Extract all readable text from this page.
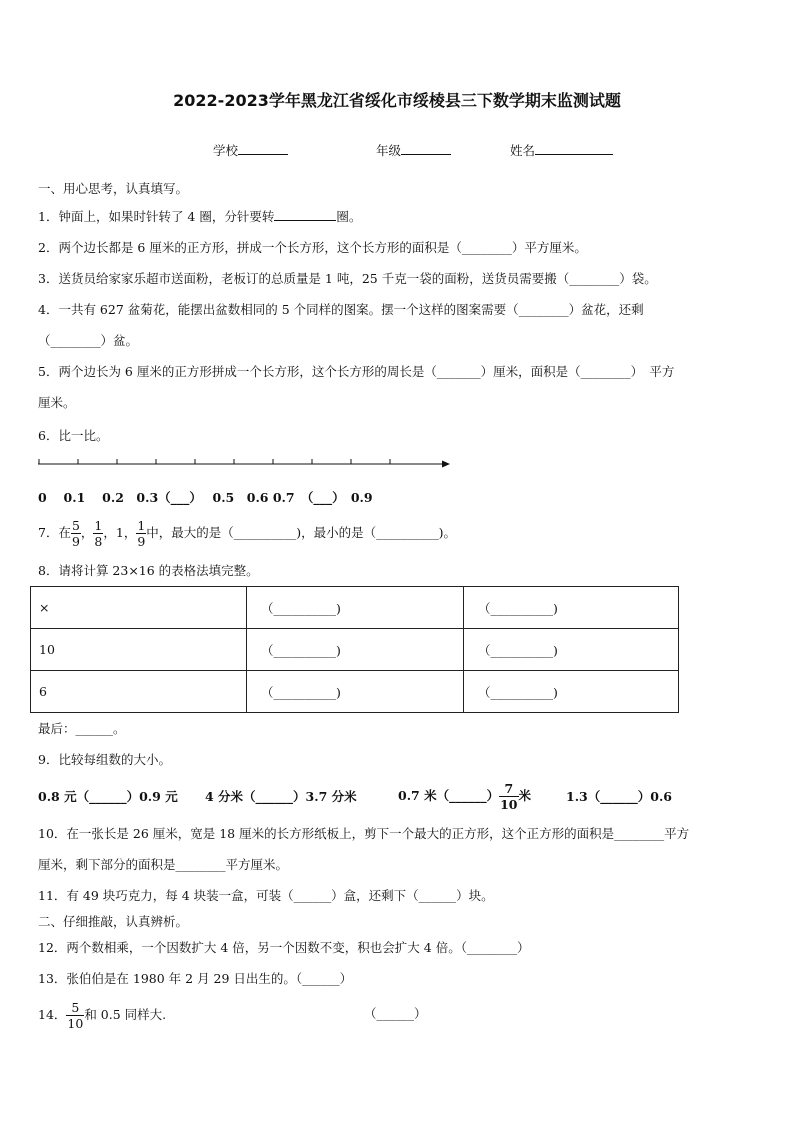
2022-2023学年黑龙江省绥化市绥棱县三下数学期末监测试题
学校	年级	姓名
一、用心思考，认真填写。
1．钟面上，如果时针转了 4 圈，分针要转	圈。
2．两个边长都是 6 厘米的正方形，拼成一个长方形，这个长方形的面积是（________）平方厘米。
3．送货员给家家乐超市送面粉，老板订的总质量是 1 吨，25 千克一袋的面粉，送货员需要搬（________）袋。
4．一共有 627 盆菊花，能摆出盆数相同的 5 个同样的图案。摆一个这样的图案需要（________）盆花，还剩
（________）盆。
5．两个边长为 6 厘米的正方形拼成一个长方形，这个长方形的周长是（_______）厘米，面积是（________）　平方
厘米。
6．比一比。
0　 0.1　 0.2　0.3（___）　 0.5　0.6 0.7　（___）　0.9
7．在 $\frac{5}{9}$ ， $\frac{1}{8}$ ，1， $\frac{1}{9}$ 中，最大的是（__________)，最小的是（__________)。
8．请将计算 23×16 的表格法填完整。
×	（__________)	（__________)
10	（__________)	（__________)
6	（__________)	（__________)
最后：______。
9．比较每组数的大小。
0.8 元（______）0.9 元 4 分米（______）3.7 分米	0.7 米（______） $\frac{7}{10}$ 米	1.3（______）0.6
10．在一张长是 26 厘米，宽是 18 厘米的长方形纸板上，剪下一个最大的正方形，这个正方形的面积是________平方
厘米，剩下部分的面积是________平方厘米。
11．有 49 块巧克力，每 4 块装一盒，可装（______）盒，还剩下（______）块。
二、仔细推敲，认真辨析。
12．两个数相乘，一个因数扩大 4 倍，另一个因数不变，积也会扩大 4 倍。（________）
13．张伯伯是在 1980 年 2 月 29 日出生的。（______）
14． $\frac{5}{10}$ 和 0.5 同样大.	（______）
